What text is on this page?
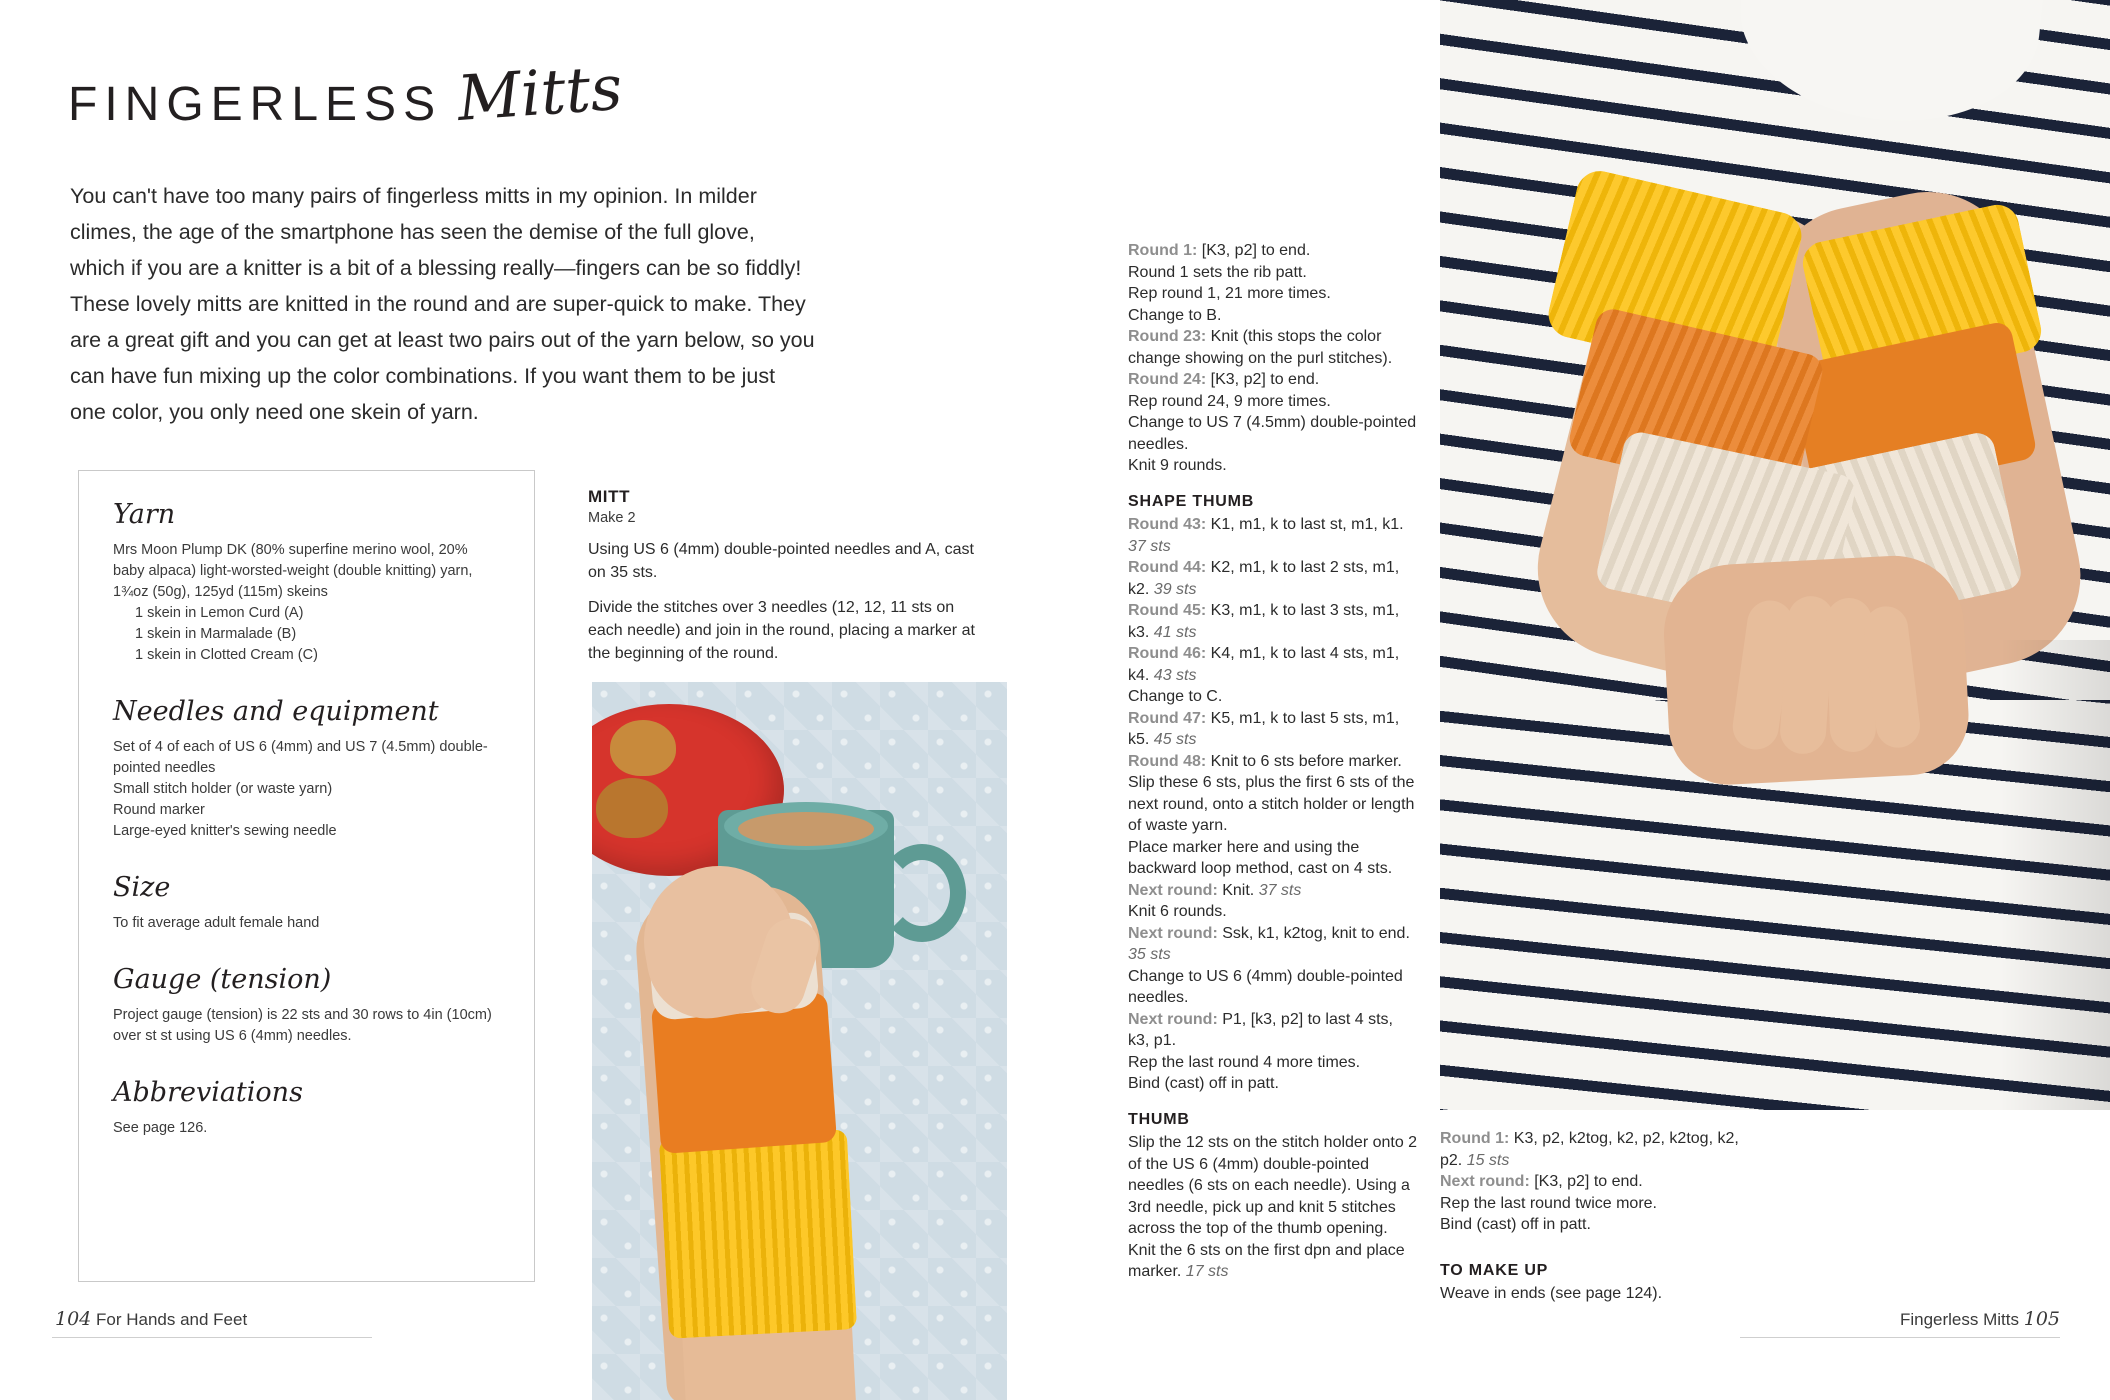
FINGERLESS Mitts
You can't have too many pairs of fingerless mitts in my opinion. In milder climes, the age of the smartphone has seen the demise of the full glove, which if you are a knitter is a bit of a blessing really—fingers can be so fiddly! These lovely mitts are knitted in the round and are super-quick to make. They are a great gift and you can get at least two pairs out of the yarn below, so you can have fun mixing up the color combinations. If you want them to be just one color, you only need one skein of yarn.
Yarn
Mrs Moon Plump DK (80% superfine merino wool, 20% baby alpaca) light-worsted-weight (double knitting) yarn, 1¾oz (50g), 125yd (115m) skeins
1 skein in Lemon Curd (A)
1 skein in Marmalade (B)
1 skein in Clotted Cream (C)
Needles and equipment
Set of 4 of each of US 6 (4mm) and US 7 (4.5mm) double-pointed needles
Small stitch holder (or waste yarn)
Round marker
Large-eyed knitter's sewing needle
Size
To fit average adult female hand
Gauge (tension)
Project gauge (tension) is 22 sts and 30 rows to 4in (10cm) over st st using US 6 (4mm) needles.
Abbreviations
See page 126.
MITT
Make 2
Using US 6 (4mm) double-pointed needles and A, cast on 35 sts.
Divide the stitches over 3 needles (12, 12, 11 sts on each needle) and join in the round, placing a marker at the beginning of the round.
104 For Hands and Feet

Round 1: [K3, p2] to end.

Round 1 sets the rib patt.

Rep round 1, 21 more times.

Change to B.

Round 23: Knit (this stops the color change showing on the purl stitches).

Round 24: [K3, p2] to end.

Rep round 24, 9 more times.

Change to US 7 (4.5mm) double-pointed needles.

Knit 9 rounds.

SHAPE THUMB

Round 43: K1, m1, k to last st, m1, k1. 37 sts

Round 44: K2, m1, k to last 2 sts, m1, k2. 39 sts

Round 45: K3, m1, k to last 3 sts, m1, k3. 41 sts

Round 46: K4, m1, k to last 4 sts, m1, k4. 43 sts

Change to C.

Round 47: K5, m1, k to last 5 sts, m1, k5. 45 sts

Round 48: Knit to 6 sts before marker.

Slip these 6 sts, plus the first 6 sts of the next round, onto a stitch holder or length of waste yarn.

Place marker here and using the backward loop method, cast on 4 sts.

Next round: Knit. 37 sts

Knit 6 rounds.

Next round: Ssk, k1, k2tog, knit to end. 35 sts

Change to US 6 (4mm) double-pointed needles.

Next round: P1, [k3, p2] to last 4 sts, k3, p1.

Rep the last round 4 more times.

Bind (cast) off in patt.

THUMB

Slip the 12 sts on the stitch holder onto 2 of the US 6 (4mm) double-pointed needles (6 sts on each needle). Using a 3rd needle, pick up and knit 5 stitches across the top of the thumb opening. Knit the 6 sts on the first dpn and place marker. 17 sts

Round 1: K3, p2, k2tog, k2, p2, k2tog, k2, p2. 15 sts

Next round: [K3, p2] to end.

Rep the last round twice more.

Bind (cast) off in patt.

TO MAKE UP

Weave in ends (see page 124).

Fingerless Mitts 105
